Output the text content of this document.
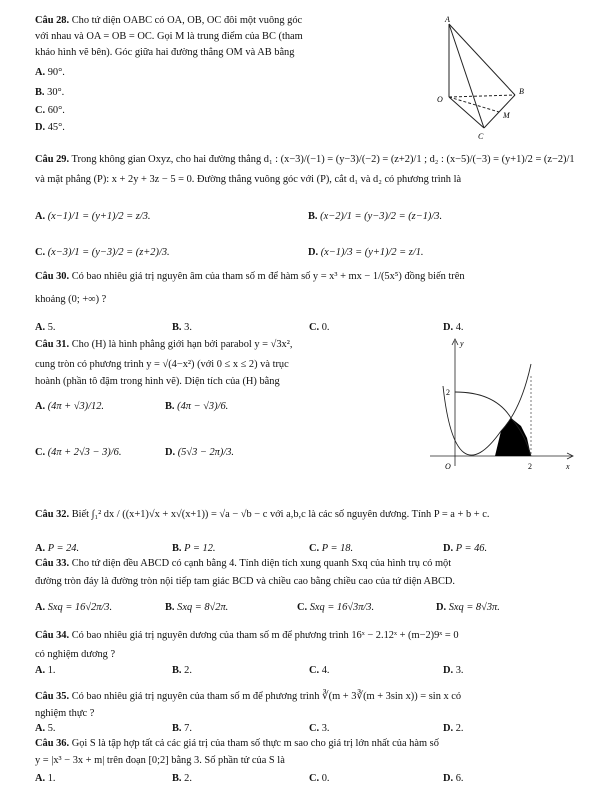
Câu 28. Cho tứ diện OABC có OA, OB, OC đôi một vuông góc
với nhau và OA = OB = OC. Gọi M là trung điểm của BC (tham
khảo hình vẽ bên). Góc giữa hai đường thẳng OM và AB bằng
A. 90°.
B. 30°.
C. 60°.
D. 45°.
A
O
B
M
C
Câu 29. Trong không gian Oxyz, cho hai đường thẳng d₁ : (x−3)/(−1) = (y−3)/(−2) = (z+2)/1 ; d₂ : (x−5)/(−3) = (y+1)/2 = (z−2)/1
và mặt phẳng (P): x + 2y + 3z − 5 = 0. Đường thẳng vuông góc với (P), cắt d₁ và d₂ có phương trình là
A. (x−1)/1 = (y+1)/2 = z/3.	B. (x−2)/1 = (y−3)/2 = (z−1)/3.
C. (x−3)/1 = (y−3)/2 = (z+2)/3.	D. (x−1)/3 = (y+1)/2 = z/1.
Câu 30. Có bao nhiêu giá trị nguyên âm của tham số m để hàm số y = x³ + mx − 1/(5x⁵) đồng biến trên
khoảng (0; +∞) ?
A. 5.	B. 3.	C. 0.	D. 4.
Câu 31. Cho (H) là hình phẳng giới hạn bởi parabol y = √3x²,
cung tròn có phương trình y = √(4−x²) (với 0 ≤ x ≤ 2) và trục
hoành (phần tô đậm trong hình vẽ). Diện tích của (H) bằng
A. (4π + √3)/12.	B. (4π − √3)/6.
C. (4π + 2√3 − 3)/6.	D. (5√3 − 2π)/3.
y
x
O	2
2
Câu 32. Biết ∫₁² dx / ((x+1)√x + x√(x+1)) = √a − √b − c với a,b,c là các số nguyên dương. Tính P = a + b + c.
A. P = 24.	B. P = 12.	C. P = 18.	D. P = 46.
Câu 33. Cho tứ diện đều ABCD có cạnh bằng 4. Tính diện tích xung quanh Sxq của hình trụ có một
đường tròn đáy là đường tròn nội tiếp tam giác BCD và chiều cao bằng chiều cao của tứ diện ABCD.
A. Sxq = 16√2π/3.	B. Sxq = 8√2π.	C. Sxq = 16√3π/3.	D. Sxq = 8√3π.
Câu 34. Có bao nhiêu giá trị nguyên dương của tham số m để phương trình 16ˣ − 2.12ˣ + (m−2)9ˣ = 0
có nghiệm dương ?
A. 1.	B. 2.	C. 4.	D. 3.
Câu 35. Có bao nhiêu giá trị nguyên của tham số m để phương trình ∛(m + 3∛(m + 3sin x)) = sin x có
nghiệm thực ?
A. 5.	B. 7.	C. 3.	D. 2.
Câu 36. Gọi S là tập hợp tất cả các giá trị của tham số thực m sao cho giá trị lớn nhất của hàm số
y = |x³ − 3x + m| trên đoạn [0;2] bằng 3. Số phần tử của S là
A. 1.	B. 2.	C. 0.	D. 6.
